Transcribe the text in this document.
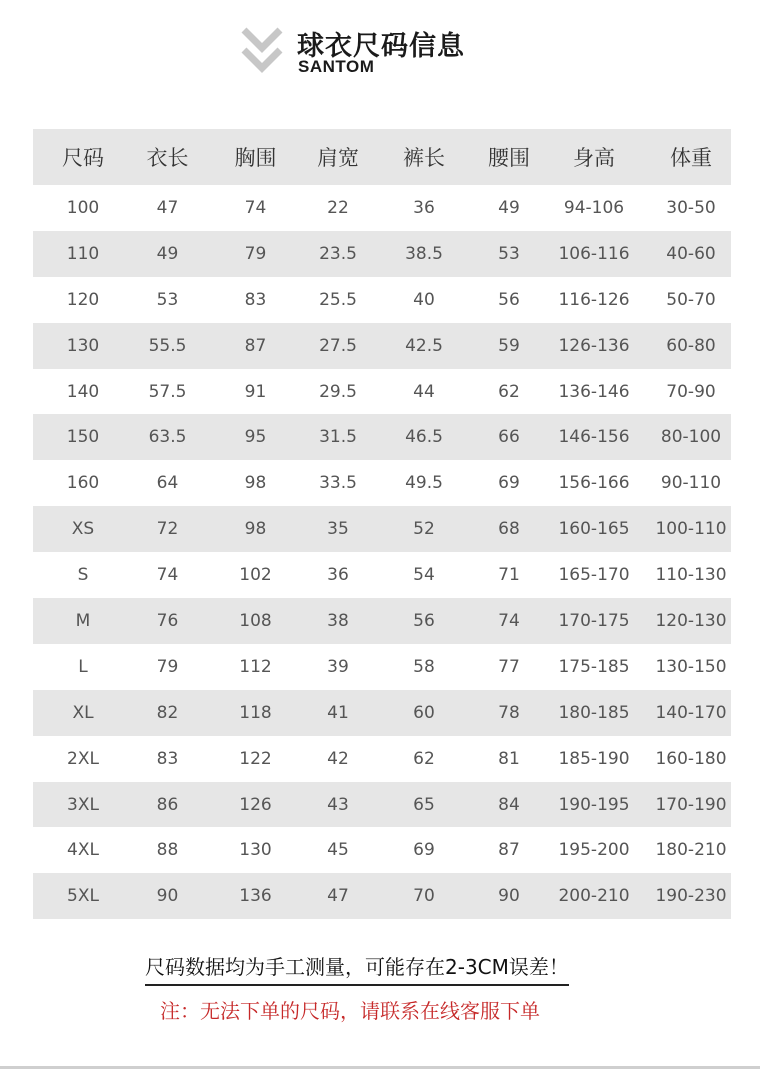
球衣尺码信息
SANTOM
尺码	衣长	胸围	肩宽	裤长	腰围	身高	体重
100	47	74	22	36	49	94-106	30-50
110	49	79	23.5	38.5	53	106-116	40-60
120	53	83	25.5	40	56	116-126	50-70
130	55.5	87	27.5	42.5	59	126-136	60-80
140	57.5	91	29.5	44	62	136-146	70-90
150	63.5	95	31.5	46.5	66	146-156	80-100
160	64	98	33.5	49.5	69	156-166	90-110
XS	72	98	35	52	68	160-165	100-110
S	74	102	36	54	71	165-170	110-130
M	76	108	38	56	74	170-175	120-130
L	79	112	39	58	77	175-185	130-150
XL	82	118	41	60	78	180-185	140-170
2XL	83	122	42	62	81	185-190	160-180
3XL	86	126	43	65	84	190-195	170-190
4XL	88	130	45	69	87	195-200	180-210
5XL	90	136	47	70	90	200-210	190-230
尺码数据均为手工测量，可能存在2-3CM误差！
注：无法下单的尺码，请联系在线客服下单
